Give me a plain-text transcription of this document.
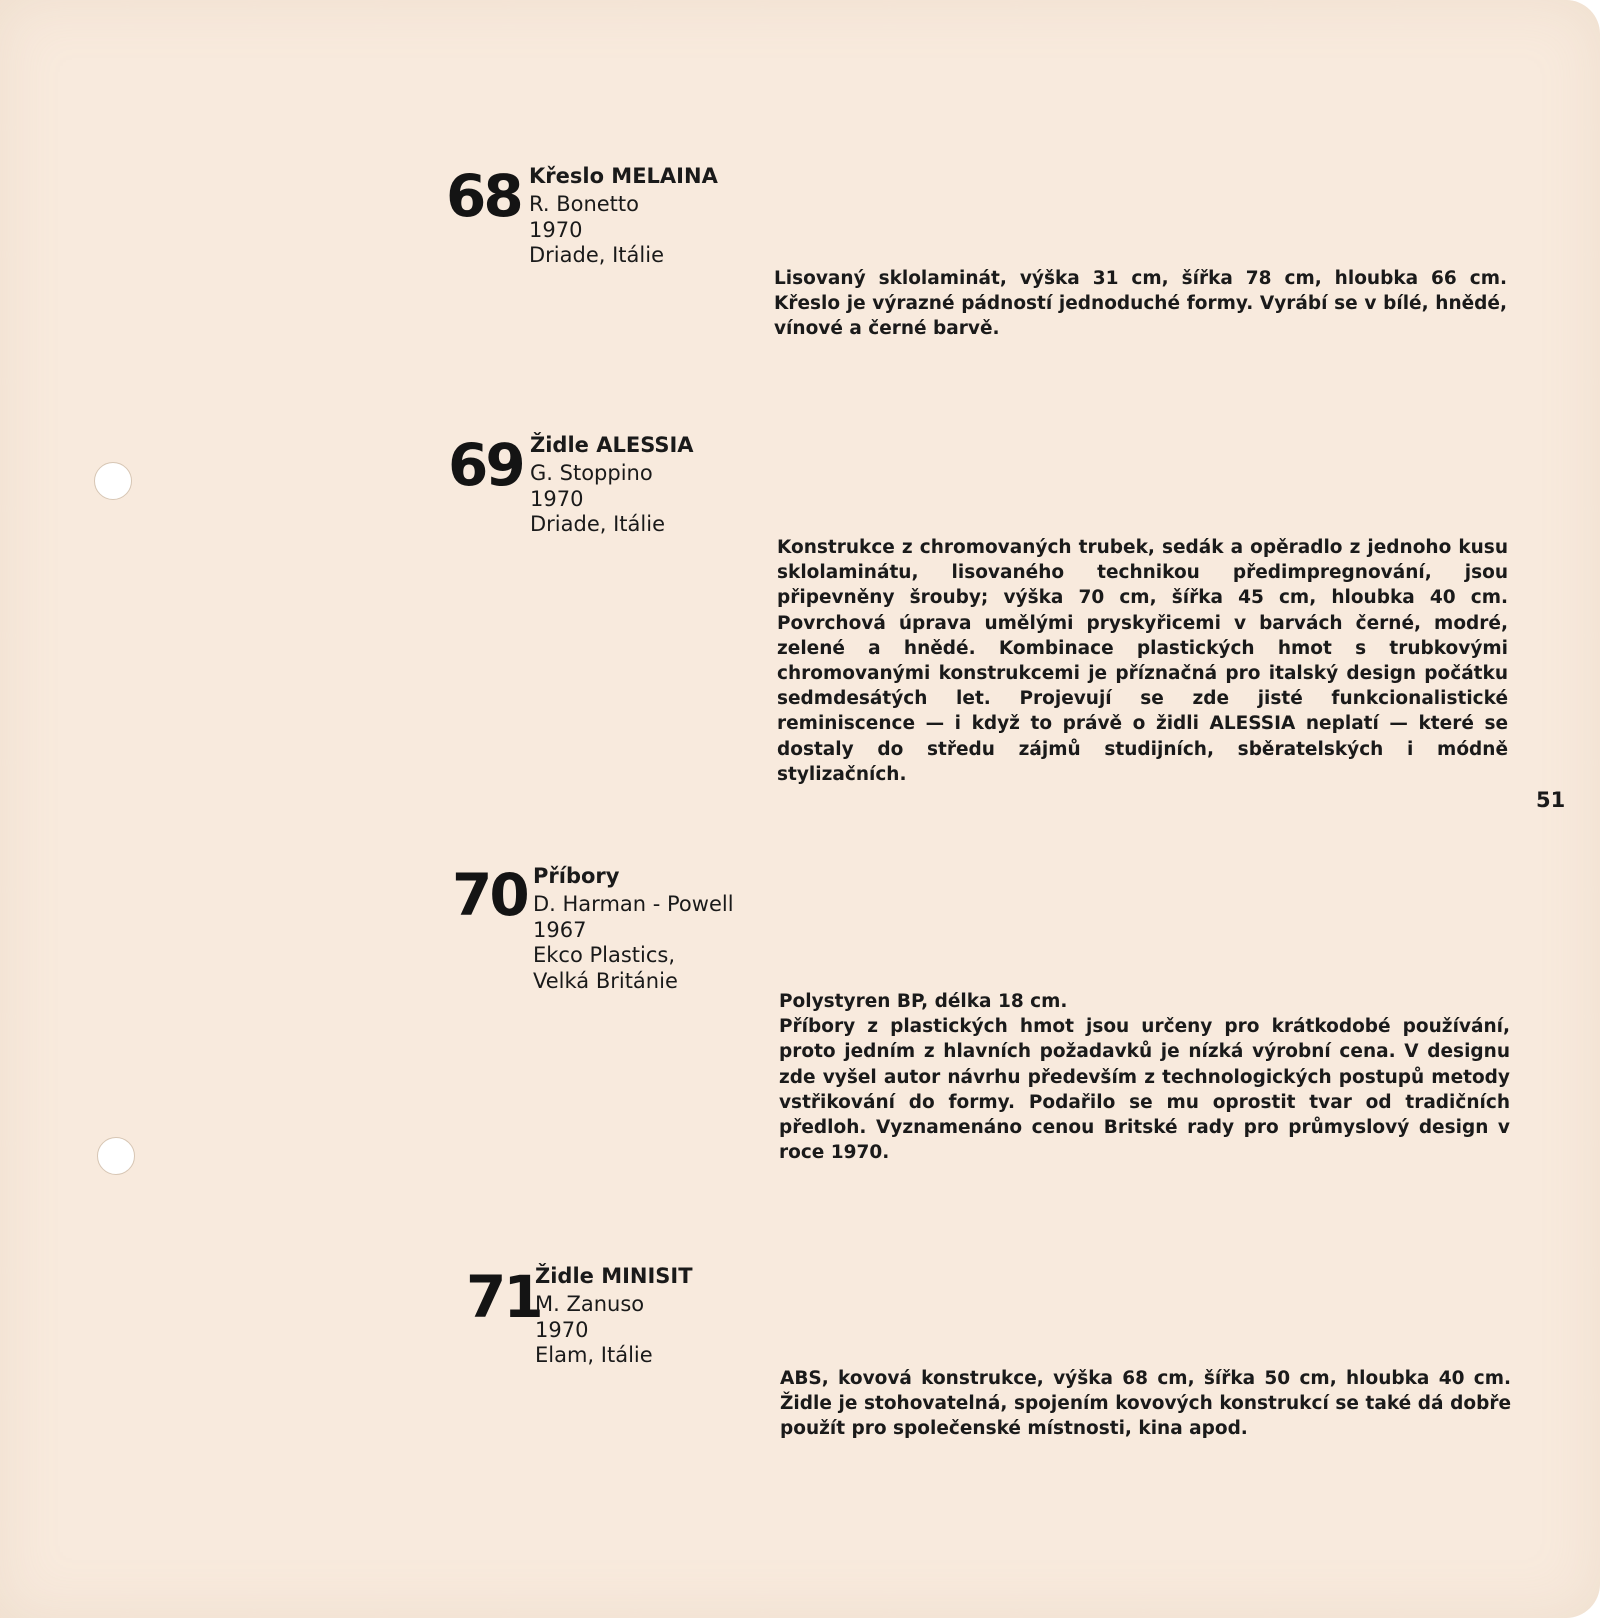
68 Křeslo MELAINA
R. Bonetto
1970
Driade, Itálie

Lisovaný sklolaminát, výška 31 cm, šířka 78 cm, hloubka 66 cm. Křeslo je výrazné pádností jednoduché formy. Vyrábí se v bílé, hnědé, vínové a černé barvě.

69 Židle ALESSIA
G. Stoppino
1970
Driade, Itálie

Konstrukce z chromovaných trubek, sedák a opěradlo z jednoho kusu sklolaminátu, lisovaného technikou předimpregnování, jsou připevněny šrouby; výška 70 cm, šířka 45 cm, hloubka 40 cm. Povrchová úprava umělými pryskyřicemi v barvách černé, modré, zelené a hnědé. Kombinace plastických hmot s trubkovými chromovanými konstrukcemi je příznačná pro italský design počátku sedmdesátých let. Projevují se zde jisté funkcionalistické reminiscence — i když to právě o židli ALESSIA neplatí — které se dostaly do středu zájmů studijních, sběratelských i módně stylizačních.

70 Příbory
D. Harman - Powell
1967
Ekco Plastics,
Velká Británie

Polystyren BP, délka 18 cm.

Příbory z plastických hmot jsou určeny pro krátkodobé používání, proto jedním z hlavních požadavků je nízká výrobní cena. V designu zde vyšel autor návrhu především z technologických postupů metody vstřikování do formy. Podařilo se mu oprostit tvar od tradičních předloh. Vyznamenáno cenou Britské rady pro průmyslový design v roce 1970.

71
Židle MINISIT
M. Zanuso
1970
Elam, Itálie

ABS, kovová konstrukce, výška 68 cm, šířka 50 cm, hloubka 40 cm. Židle je stohovatelná, spojením kovových konstrukcí se také dá dobře použít pro společenské místnosti, kina apod.

51
